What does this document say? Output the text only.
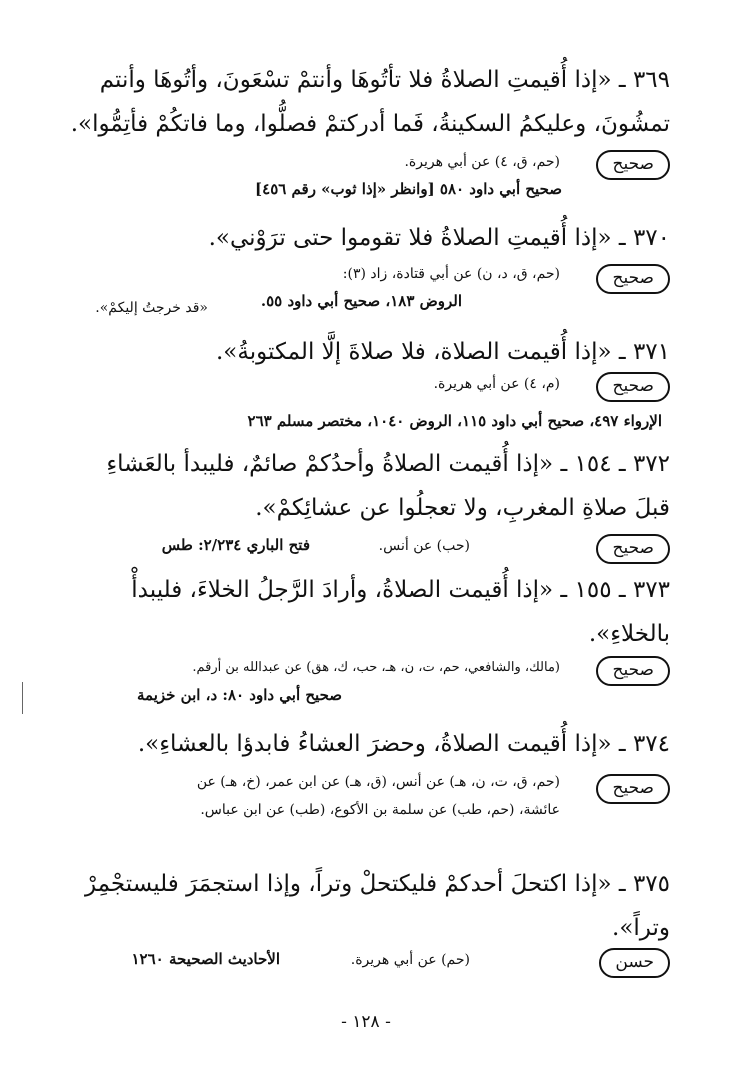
٣٦٩ ـ «إذا أُقيمتِ الصلاةُ فلا تأتُوهَا وأنتمْ تسْعَونَ، وأتُوهَا وأنتم
تمشُونَ، وعليكمُ السكينةُ، فَما أدركتمْ فصلُّوا، وما فاتكُمْ فأتِمُّوا».
صحيح
(حم، ق، ٤) عن أبي هريرة.
صحيح أبي داود ٥٨٠ [وانظر «إذا ثوب» رقم ٤٥٦]
٣٧٠ ـ «إذا أُقيمتِ الصلاةُ فلا تقوموا حتى ترَوْني».
صحيح
(حم، ق، د، ن) عن أبي قتادة، زاد (٣):
«قد خرجتُ إليكمْ».	الروض ١٨٣، صحيح أبي داود ٥٥.
٣٧١ ـ «إذا أُقيمت الصلاة، فلا صلاةَ إلَّا المكتوبةُ».
صحيح
(م، ٤) عن أبي هريرة.
الإرواء ٤٩٧، صحيح أبي داود ١١٥، الروض ١٠٤٠، مختصر مسلم ٢٦٣
٣٧٢ ـ ١٥٤ ـ «إذا أُقيمت الصلاةُ وأحدُكمْ صائمٌ، فليبدأ بالعَشاءِ
قبلَ صلاةِ المغربِ، ولا تعجلُوا عن عشائِكمْ».
صحيح
(حب) عن أنس.
فتح الباري ٢/٢٣٤: طس
٣٧٣ ـ ١٥٥ ـ «إذا أُقيمت الصلاةُ، وأرادَ الرَّجلُ الخلاءَ، فليبدأْ
بالخلاءِ».
صحيح
(مالك، والشافعي، حم، ت، ن، هـ، حب، ك، هق) عن عبدالله بن أرقم.
صحيح أبي داود ٨٠: د، ابن خزيمة
٣٧٤ ـ «إذا أُقيمت الصلاةُ، وحضرَ العشاءُ فابدؤا بالعشاءِ».
صحيح
(حم، ق، ت، ن، هـ) عن أنس، (ق، هـ) عن ابن عمر، (خ، هـ) عن
عائشة، (حم، طب) عن سلمة بن الأكوع، (طب) عن ابن عباس.
٣٧٥ ـ «إذا اكتحلَ أحدكمْ فليكتحلْ وتراً، وإذا استجمَرَ فليستجْمِرْ
وتراً».
حسن
(حم) عن أبي هريرة.
الأحاديث الصحيحة ١٢٦٠
- ١٢٨ -
